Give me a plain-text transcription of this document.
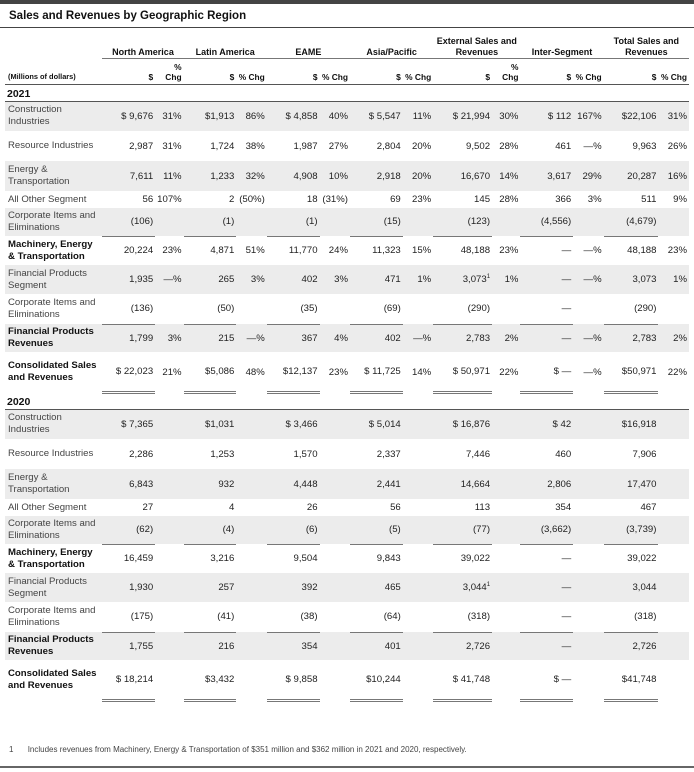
Sales and Revenues by Geographic Region
	North America		Latin America		EAME		Asia/Pacific		External Sales and Revenues		Inter-Segment		Total Sales and Revenues	
(Millions of dollars)	$	% Chg	$	% Chg	$	% Chg	$	% Chg	$	% Chg	$	% Chg	$	% Chg
2021														
Construction Industries	$ 9,676	31%	$1,913	86%	$ 4,858	40%	$ 5,547	11%	$ 21,994	30%	$ 112	167%	$22,106	31%
Resource Industries	2,987	31%	1,724	38%	1,987	27%	2,804	20%	9,502	28%	461	—%	9,963	26%
Energy & Transportation	7,611	11%	1,233	32%	4,908	10%	2,918	20%	16,670	14%	3,617	29%	20,287	16%
All Other Segment	56	107%	2	(50%)	18	(31%)	69	23%	145	28%	366	3%	511	9%
Corporate Items and Eliminations	(106)		(1)		(1)		(15)		(123)		(4,556)		(4,679)	
Machinery, Energy & Transportation	20,224	23%	4,871	51%	11,770	24%	11,323	15%	48,188	23%	—	—%	48,188	23%
Financial Products Segment	1,935	—%	265	3%	402	3%	471	1%	3,073$^1$	1%	—	—%	3,073	1%
Corporate Items and Eliminations	(136)		(50)		(35)		(69)		(290)		—		(290)	
Financial Products Revenues	1,799	3%	215	—%	367	4%	402	—%	2,783	2%	—	—%	2,783	2%
Consolidated Sales and Revenues	$ 22,023	21%	$5,086	48%	$12,137	23%	$ 11,725	14%	$ 50,971	22%	$ —	—%	$50,971	22%
2020														
Construction Industries	$ 7,365		$1,031		$ 3,466		$ 5,014		$ 16,876		$ 42		$16,918	
Resource Industries	2,286		1,253		1,570		2,337		7,446		460		7,906	
Energy & Transportation	6,843		932		4,448		2,441		14,664		2,806		17,470	
All Other Segment	27		4		26		56		113		354		467	
Corporate Items and Eliminations	(62)		(4)		(6)		(5)		(77)		(3,662)		(3,739)	
Machinery, Energy & Transportation	16,459		3,216		9,504		9,843		39,022		—		39,022	
Financial Products Segment	1,930		257		392		465		3,044$^1$		—		3,044	
Corporate Items and Eliminations	(175)		(41)		(38)		(64)		(318)		—		(318)	
Financial Products Revenues	1,755		216		354		401		2,726		—		2,726	
Consolidated Sales and Revenues	$ 18,214		$3,432		$ 9,858		$10,244		$ 41,748		$ —		$41,748	
1 Includes revenues from Machinery, Energy & Transportation of $351 million and $362 million in 2021 and 2020, respectively.
